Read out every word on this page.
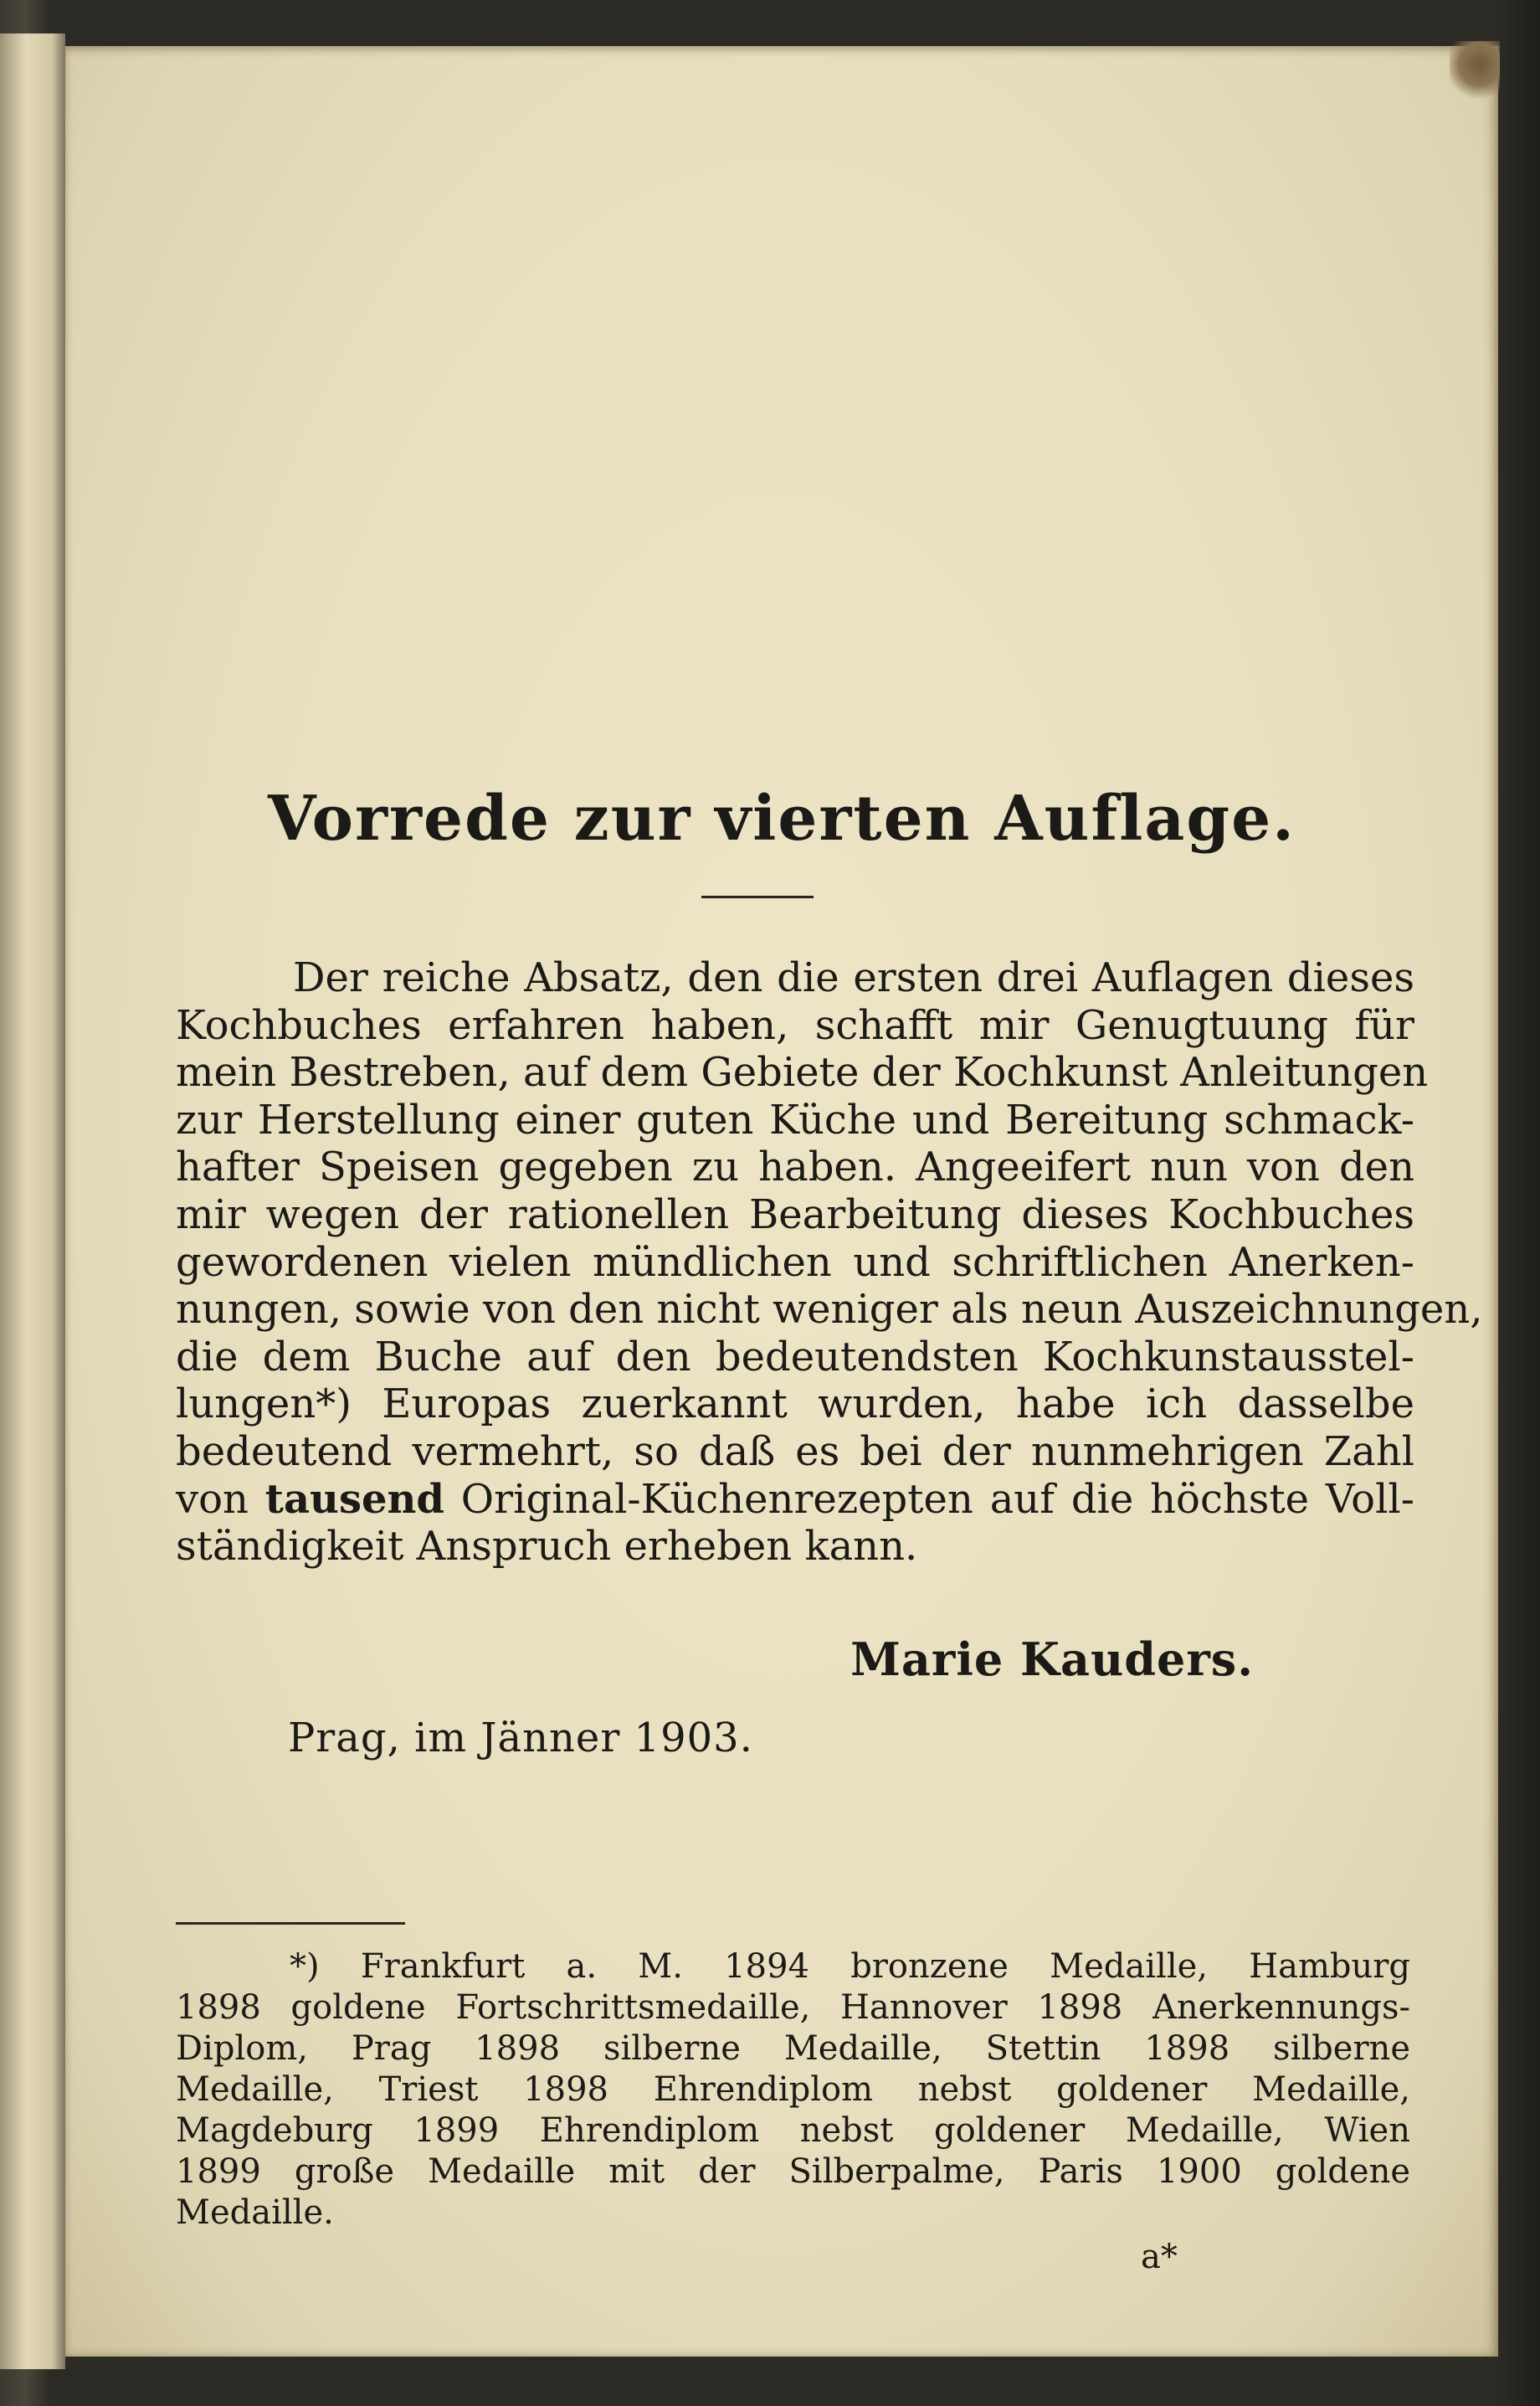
Vorrede zur vierten Auflage.
Der reiche Absatz, den die ersten drei Auflagen dieses
Kochbuches erfahren haben, schafft mir Genugtuung für
mein Bestreben, auf dem Gebiete der Kochkunst Anleitungen
zur Herstellung einer guten Küche und Bereitung schmack-
hafter Speisen gegeben zu haben. Angeeifert nun von den
mir wegen der rationellen Bearbeitung dieses Kochbuches
gewordenen vielen mündlichen und schriftlichen Anerken-
nungen, sowie von den nicht weniger als neun Auszeichnungen,
die dem Buche auf den bedeutendsten Kochkunstausstel-
lungen*) Europas zuerkannt wurden, habe ich dasselbe
bedeutend vermehrt, so daß es bei der nunmehrigen Zahl
von tausend Original-Küchenrezepten auf die höchste Voll-
ständigkeit Anspruch erheben kann.
Marie Kauders.
Prag, im Jänner 1903.
*) Frankfurt a. M. 1894 bronzene Medaille, Hamburg
1898 goldene Fortschrittsmedaille, Hannover 1898 Anerkennungs-
Diplom, Prag 1898 silberne Medaille, Stettin 1898 silberne
Medaille, Triest 1898 Ehrendiplom nebst goldener Medaille,
Magdeburg 1899 Ehrendiplom nebst goldener Medaille, Wien
1899 große Medaille mit der Silberpalme, Paris 1900 goldene
Medaille.
a*
